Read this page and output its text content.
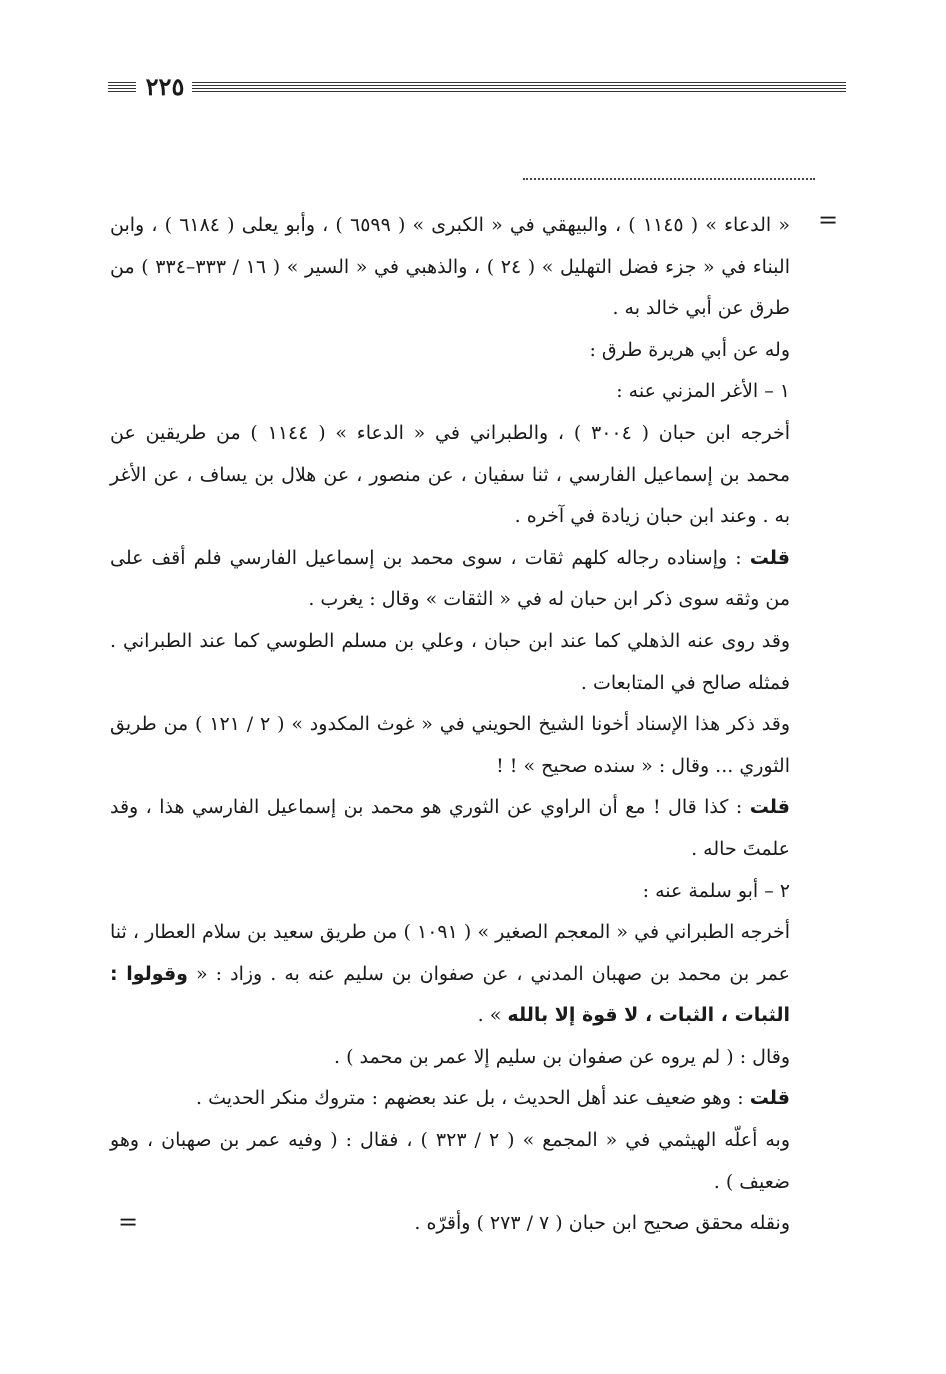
٢٢٥
=
=
« الدعاء » ( ١١٤٥ ) ، والبيهقي في « الكبرى » ( ٦٥٩٩ ) ، وأبو يعلى ( ٦١٨٤ ) ، وابن
البناء في « جزء فضل التهليل » ( ٢٤ ) ، والذهبي في « السير » ( ١٦ / ٣٣٣–٣٣٤ ) من
طرق عن أبي خالد به .
وله عن أبي هريرة طرق :
١ – الأغر المزني عنه :
أخرجه ابن حبان ( ٣٠٠٤ ) ، والطبراني في « الدعاء » ( ١١٤٤ ) من طريقين عن
محمد بن إسماعيل الفارسي ، ثنا سفيان ، عن منصور ، عن هلال بن يساف ، عن الأغر
به . وعند ابن حبان زيادة في آخره .
قلت : وإسناده رجاله كلهم ثقات ، سوى محمد بن إسماعيل الفارسي فلم أقف على
من وثقه سوى ذكر ابن حبان له في « الثقات » وقال : يغرب .
وقد روى عنه الذهلي كما عند ابن حبان ، وعلي بن مسلم الطوسي كما عند الطبراني .
فمثله صالح في المتابعات .
وقد ذكر هذا الإسناد أخونا الشيخ الحويني في « غوث المكدود » ( ٢ / ١٢١ ) من طريق
الثوري ... وقال : « سنده صحيح » ! !
قلت : كذا قال ! مع أن الراوي عن الثوري هو محمد بن إسماعيل الفارسي هذا ، وقد
علمتَ حاله .
٢ – أبو سلمة عنه :
أخرجه الطبراني في « المعجم الصغير » ( ١٠٩١ ) من طريق سعيد بن سلام العطار ، ثنا
عمر بن محمد بن صهبان المدني ، عن صفوان بن سليم عنه به . وزاد : « وقولوا :
الثبات ، الثبات ، لا قوة إلا بالله » .
وقال : ( لم يروه عن صفوان بن سليم إلا عمر بن محمد ) .
قلت : وهو ضعيف عند أهل الحديث ، بل عند بعضهم : متروك منكر الحديث .
وبه أعلّه الهيثمي في « المجمع » ( ٢ / ٣٢٣ ) ، فقال : ( وفيه عمر بن صهبان ، وهو
ضعيف ) .
ونقله محقق صحيح ابن حبان ( ٧ / ٢٧٣ ) وأقرّه .
